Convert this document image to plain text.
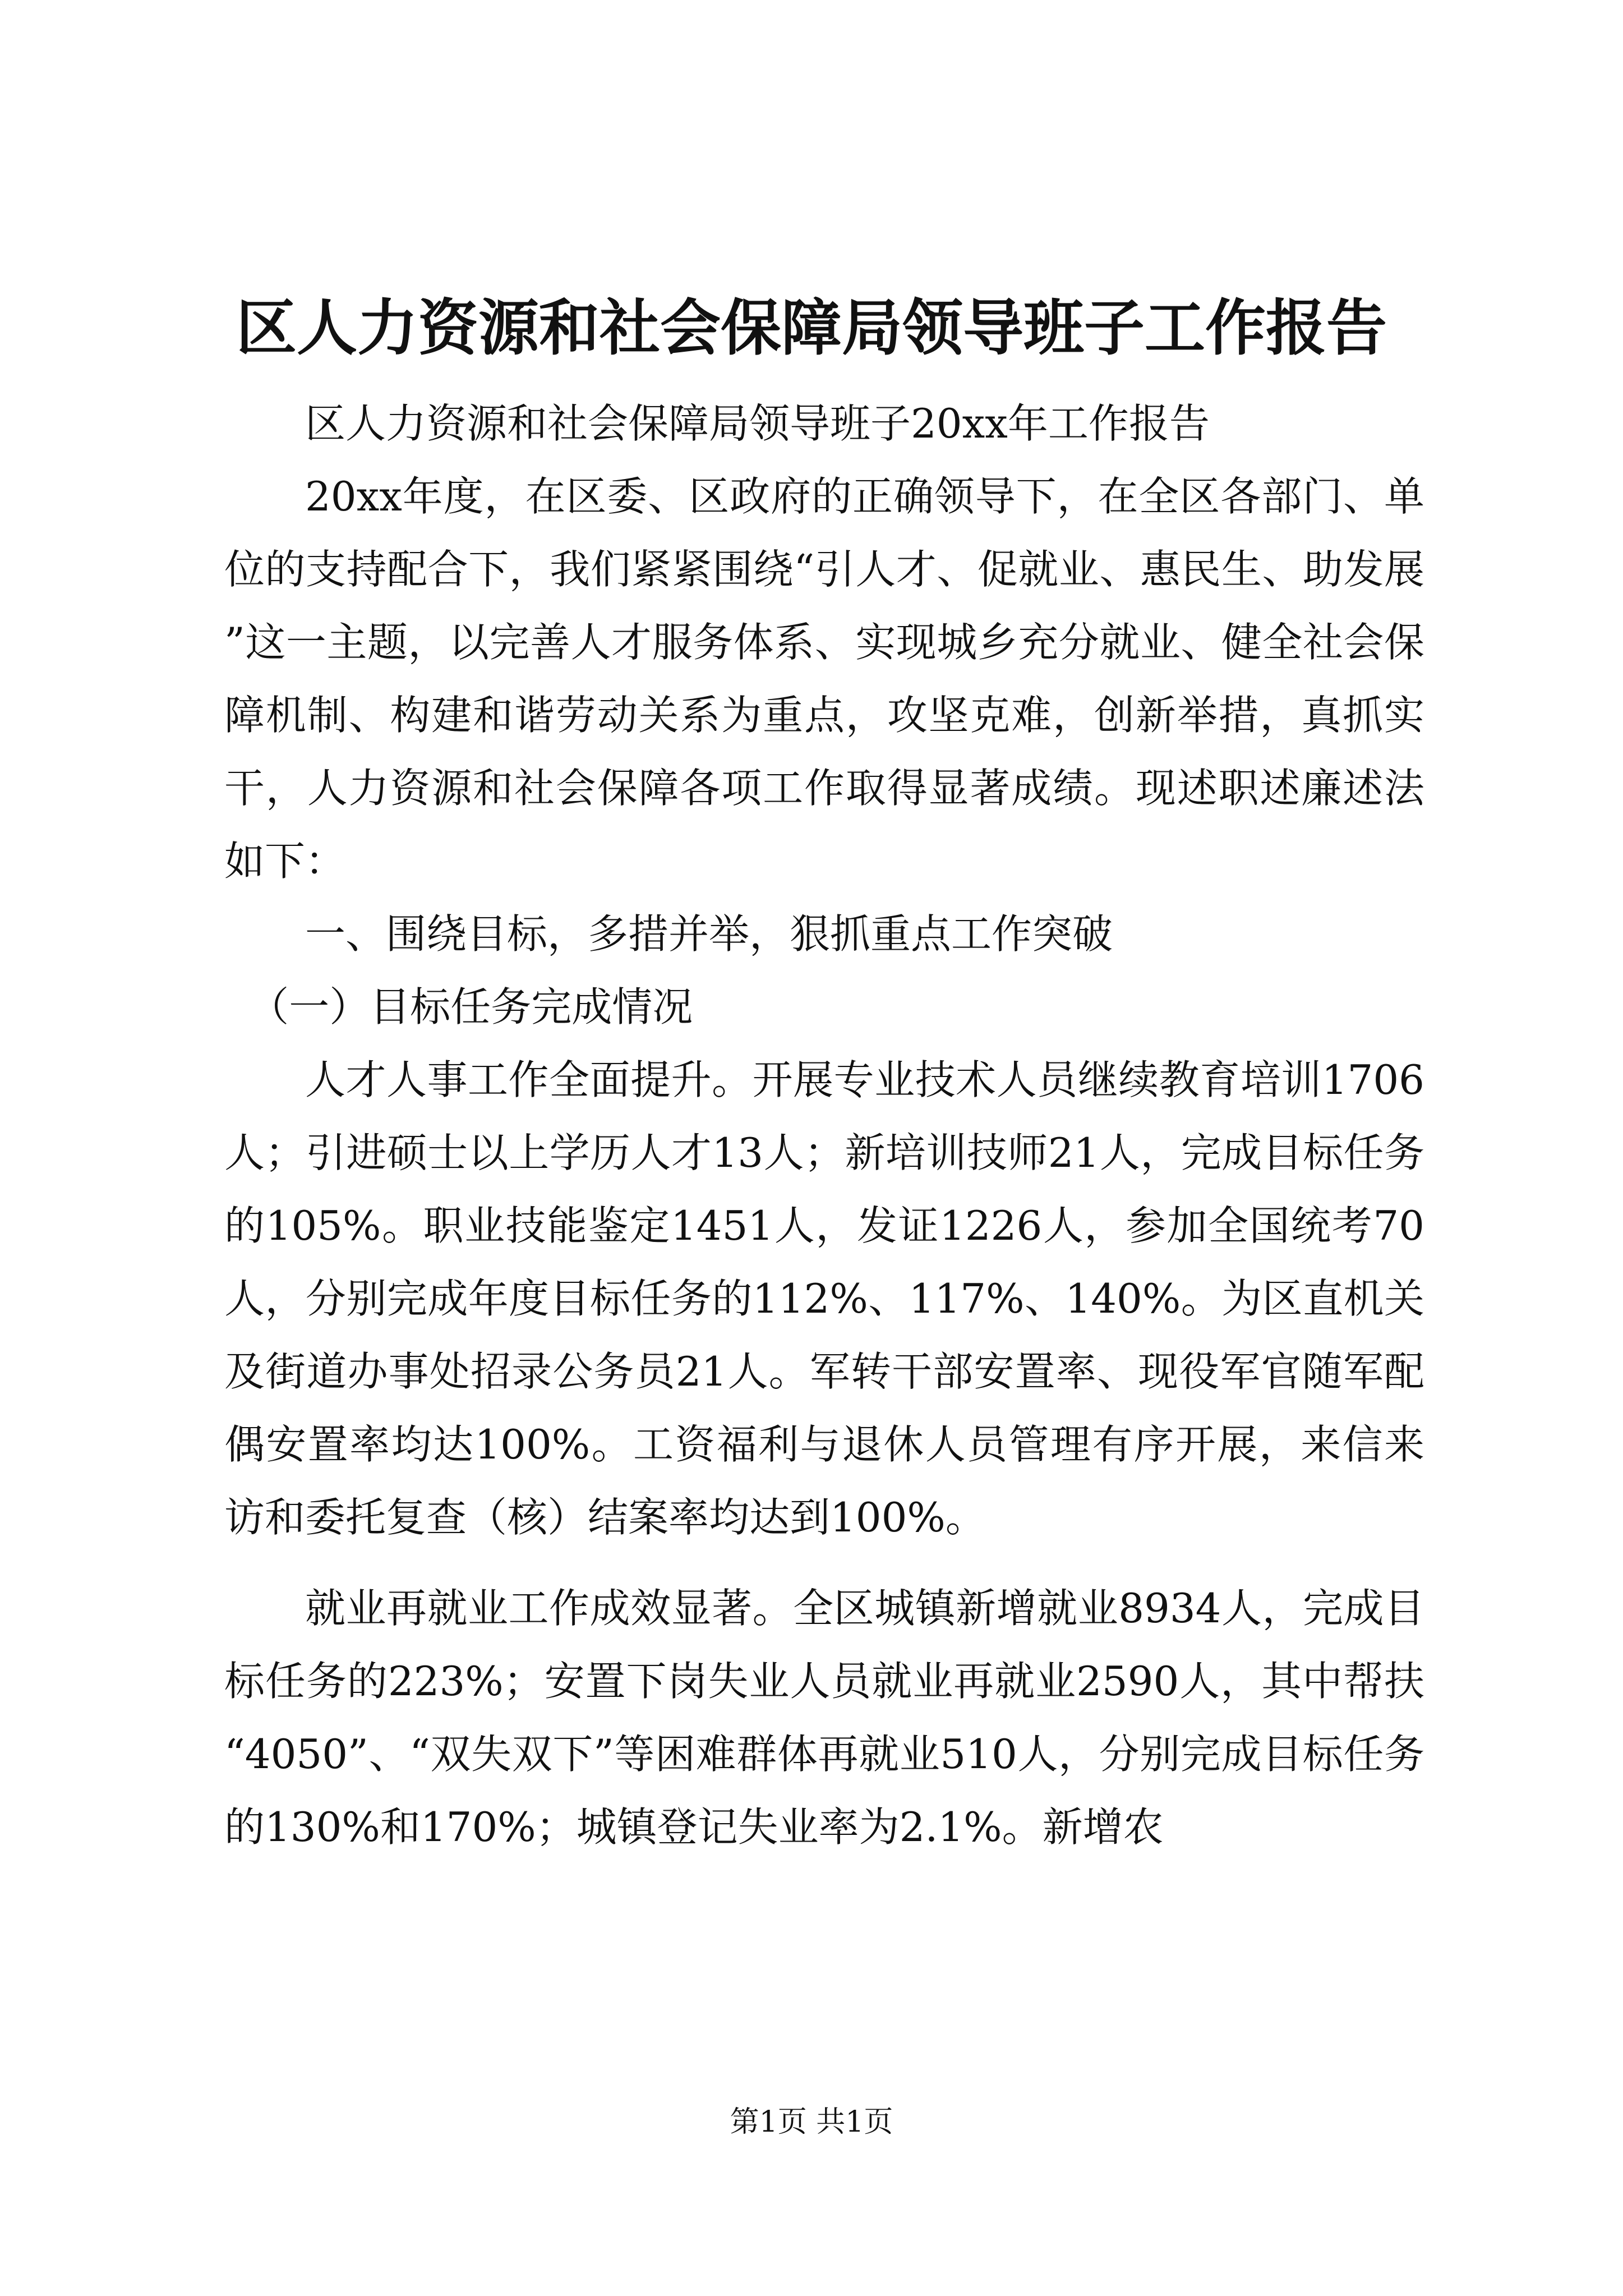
区人力资源和社会保障局领导班子工作报告

区人力资源和社会保障局领导班子20xx年工作报告

20xx年度，在区委、区政府的正确领导下，在全区各部门、单位的支持配合下，我们紧紧围绕“引人才、促就业、惠民生、助发展”这一主题，以完善人才服务体系、实现城乡充分就业、健全社会保障机制、构建和谐劳动关系为重点，攻坚克难，创新举措，真抓实干，人力资源和社会保障各项工作取得显著成绩。现述职述廉述法如下：

一、围绕目标，多措并举，狠抓重点工作突破

（一）目标任务完成情况

人才人事工作全面提升。开展专业技术人员继续教育培训1706人；引进硕士以上学历人才13人；新培训技师21人，完成目标任务的105%。职业技能鉴定1451人，发证1226人，参加全国统考70人，分别完成年度目标任务的112%、117%、140%。为区直机关及街道办事处招录公务员21人。军转干部安置率、现役军官随军配偶安置率均达100%。工资福利与退休人员管理有序开展，来信来访和委托复查（核）结案率均达到100%。

就业再就业工作成效显著。全区城镇新增就业8934人，完成目标任务的223%；安置下岗失业人员就业再就业2590人，其中帮扶“4050”、“双失双下”等困难群体再就业510人，分别完成目标任务的130%和170%；城镇登记失业率为2.1%。新增农

第1页 共1页
